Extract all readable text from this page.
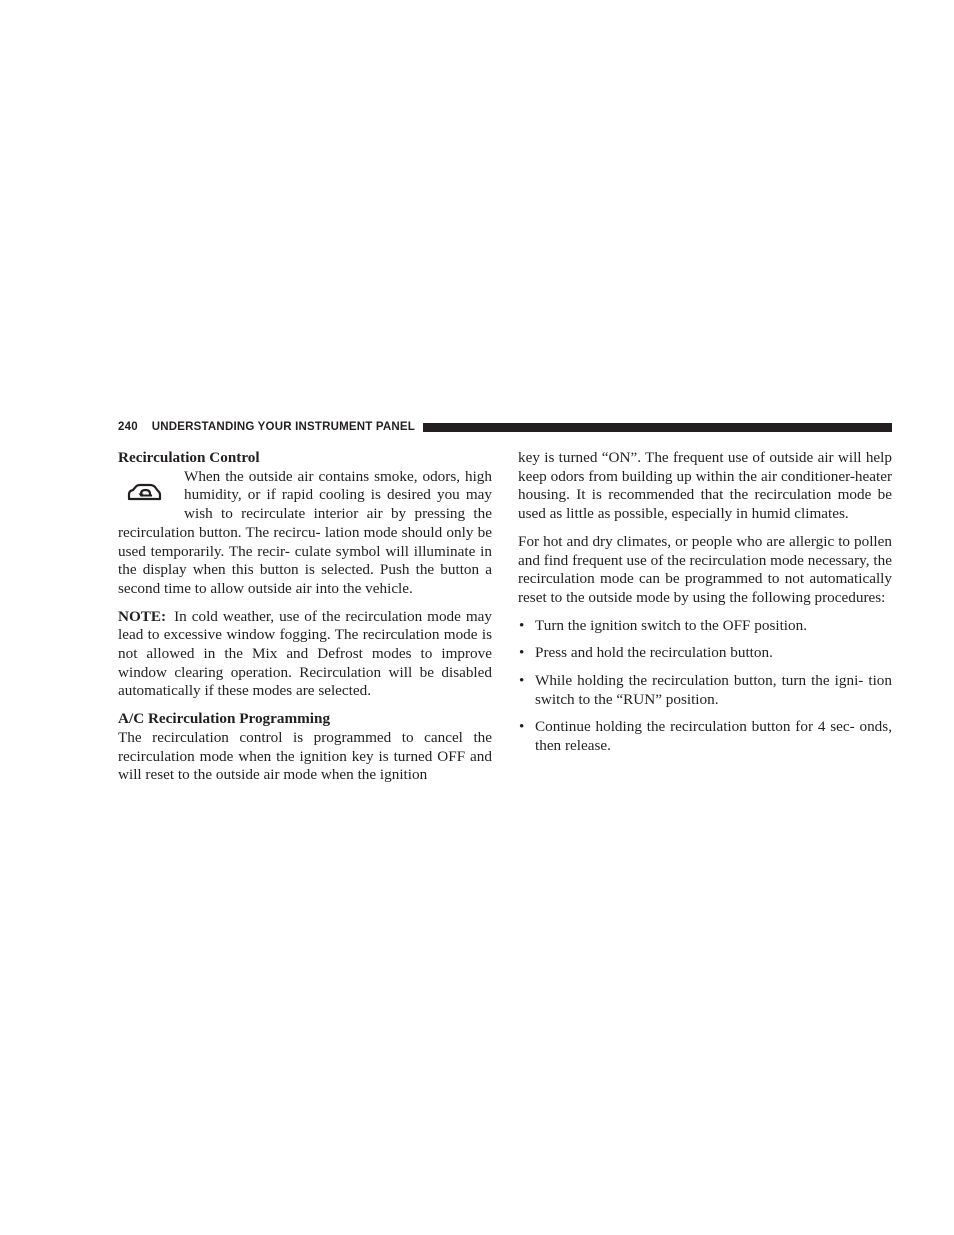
240 UNDERSTANDING YOUR INSTRUMENT PANEL
Recirculation Control

When the outside air contains smoke, odors, high humidity, or if rapid cooling is desired you may wish to recirculate interior air by pressing the recirculation button. The recircu- lation mode should only be used temporarily. The recir- culate symbol will illuminate in the display when this button is selected. Push the button a second time to allow outside air into the vehicle.

NOTE: In cold weather, use of the recirculation mode may lead to excessive window fogging. The recirculation mode is not allowed in the Mix and Defrost modes to improve window clearing operation. Recirculation will be disabled automatically if these modes are selected.

A/C Recirculation Programming

The recirculation control is programmed to cancel the recirculation mode when the ignition key is turned OFF and will reset to the outside air mode when the ignition

key is turned “ON”. The frequent use of outside air will help keep odors from building up within the air conditioner-heater housing. It is recommended that the recirculation mode be used as little as possible, especially in humid climates.

For hot and dry climates, or people who are allergic to pollen and find frequent use of the recirculation mode necessary, the recirculation mode can be programmed to not automatically reset to the outside mode by using the following procedures:

• Turn the ignition switch to the OFF position.
• Press and hold the recirculation button.
• While holding the recirculation button, turn the igni- tion switch to the “RUN” position.
• Continue holding the recirculation button for 4 sec- onds, then release.
